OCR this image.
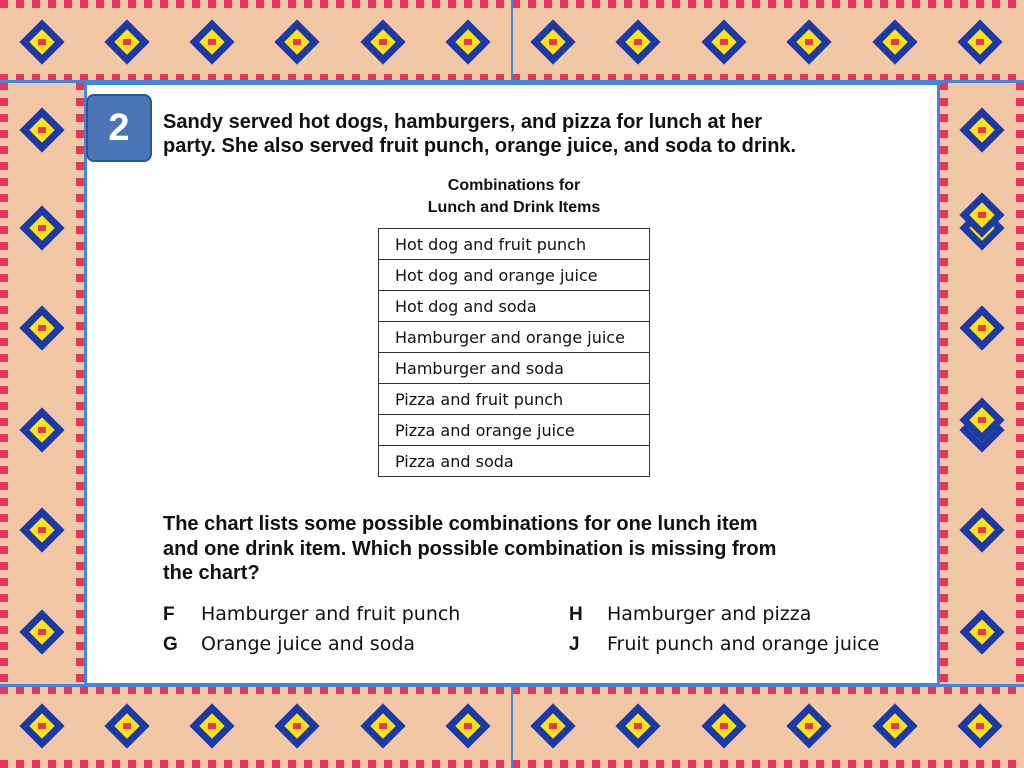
2 Sandy served hot dogs, hamburgers, and pizza for lunch at her
party. She also served fruit punch, orange juice, and soda to drink.

Combinations for
Lunch and Drink Items

Hot dog and fruit punch
Hot dog and orange juice
Hot dog and soda
Hamburger and orange juice
Hamburger and soda
Pizza and fruit punch
Pizza and orange juice
Pizza and soda

The chart lists some possible combinations for one lunch item
and one drink item. Which possible combination is missing from
the chart?

F Hamburger and fruit punch
G Orange juice and soda
H Hamburger and pizza
J Fruit punch and orange juice
